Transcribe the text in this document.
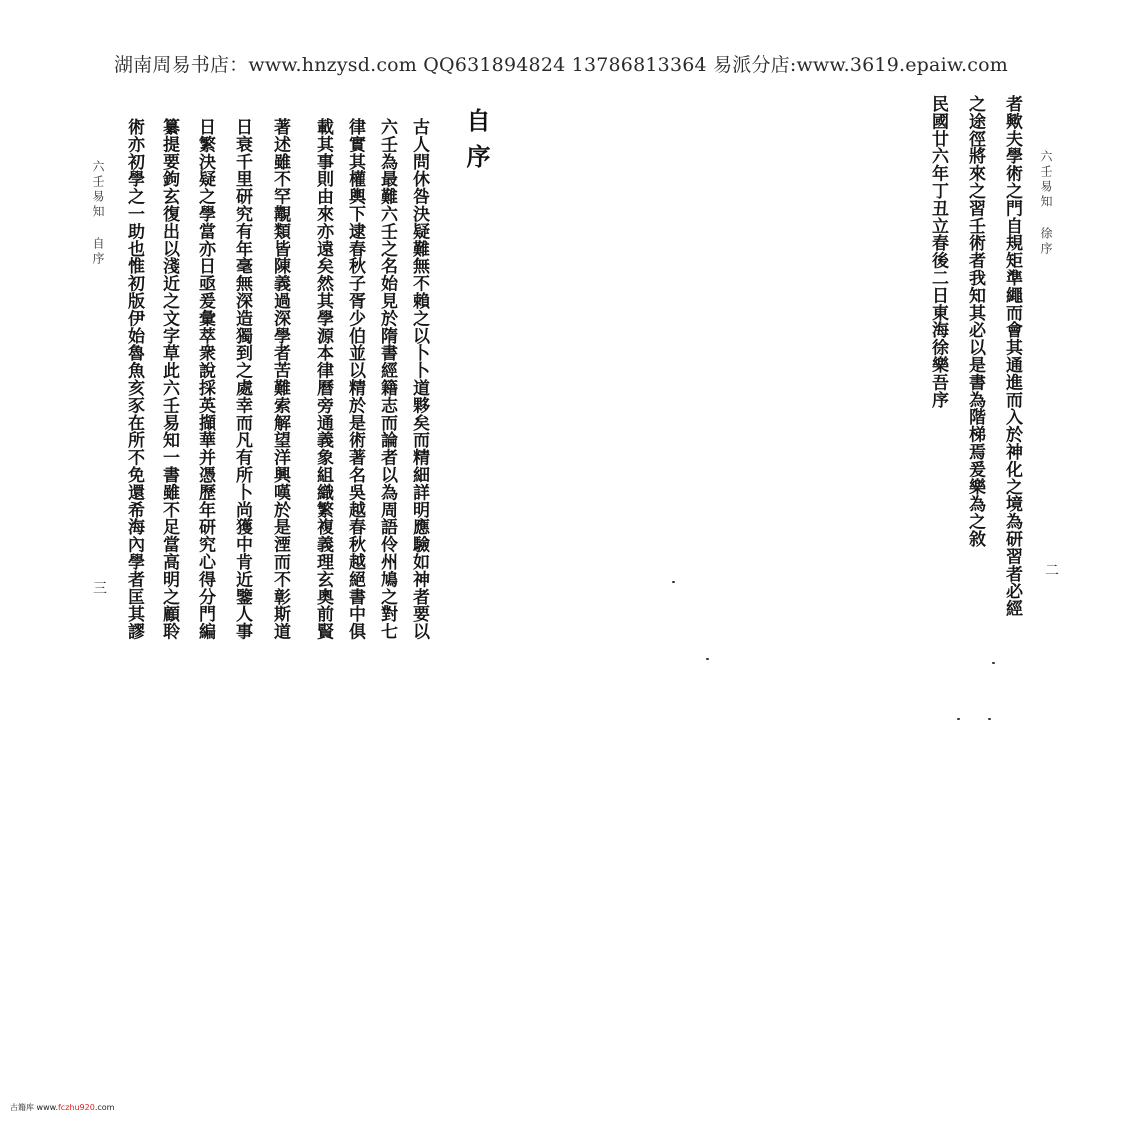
湖南周易书店：www.hnzysd.com QQ631894824 13786813364 易派分店:www.3619.epaiw.com
六壬易知 徐序
二
者歟夫學術之門自規矩準繩而會其通進而入於神化之境為研習者必經
之途徑將來之習壬術者我知其必以是書為階梯焉爰樂為之敘
民國廿六年丁丑立春後二日東海徐樂吾序
自序
古人問休咎決疑難無不賴之以卜卜道夥矣而精細詳明應驗如神者要以
六壬為最難六壬之名始見於隋書經籍志而論者以為周語伶州鳩之對七
律實其權輿下逮春秋子胥少伯並以精於是術著名吳越春秋越絕書中俱
載其事則由來亦遠矣然其學源本律曆旁通義象組織繁複義理玄奧前賢
著述雖不罕覯類皆陳義過深學者苦難索解望洋興嘆於是湮而不彰斯道
日衰千里研究有年毫無深造獨到之處幸而凡有所卜尚獲中肯近鑒人事
日繁決疑之學當亦日亟爰彙萃衆說採英擷華并憑歷年研究心得分門編
纂提要鉤玄復出以淺近之文字草此六壬易知一書雖不足當高明之顧聆
術亦初學之一助也惟初版伊始魯魚亥豕在所不免還希海內學者匡其謬
六壬易知 自序
三
古籍库 www.fczhu920.com
